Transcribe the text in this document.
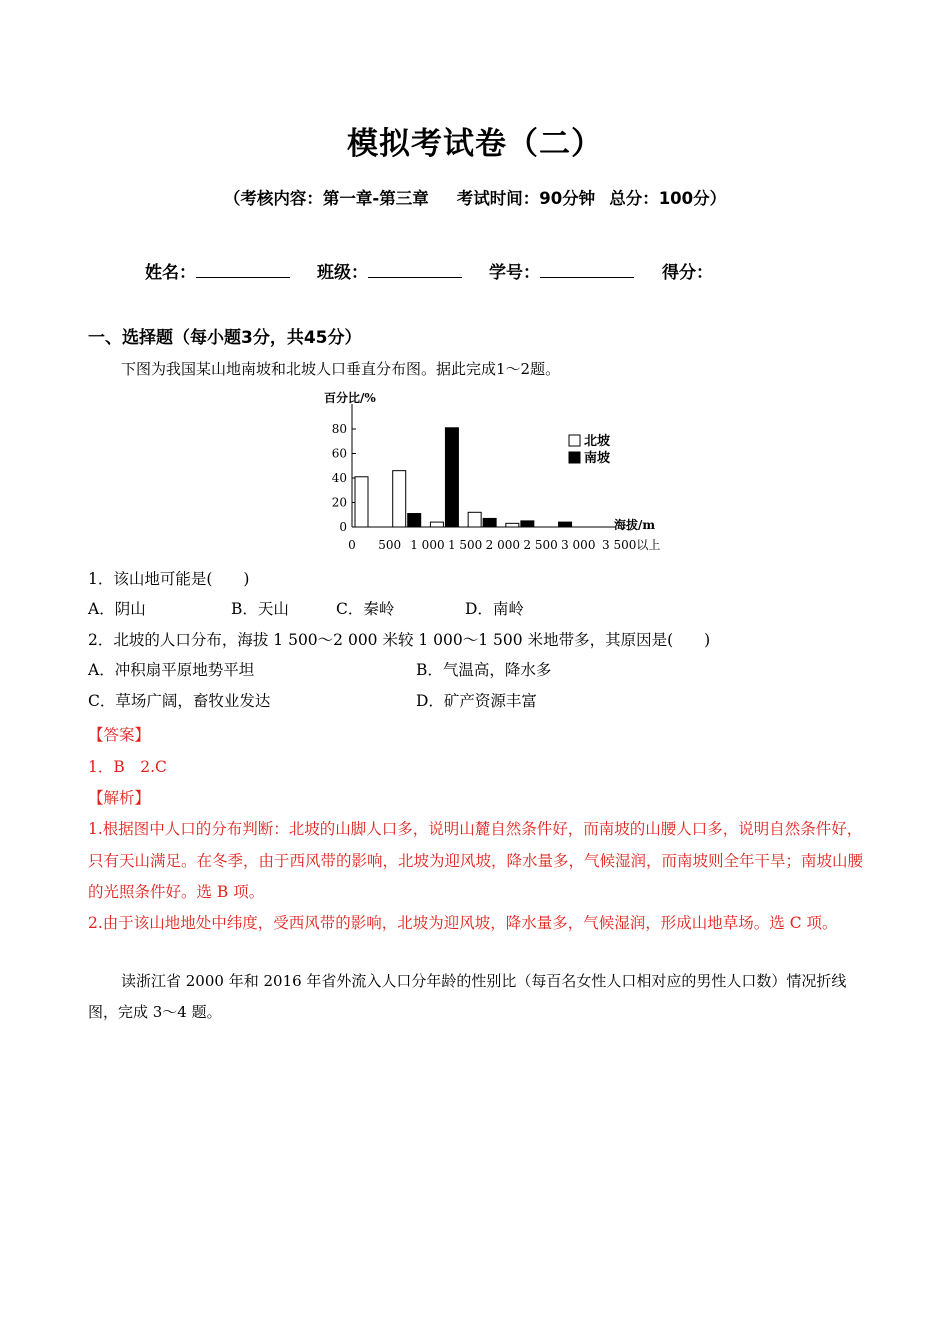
模拟考试卷（二）
（考核内容：第一章-第三章 考试时间：90分钟 总分：100分）
姓名：	班级：	学号：	得分：
一、选择题（每小题3分，共45分）
下图为我国某山地南坡和北坡人口垂直分布图。据此完成1～2题。
0
20
40
60
80
百分比/%
海拔/m
0 500 1 000 1 500 2 000 2 500 3 000 3 500以上
北坡
南坡
1．该山地可能是(　　)
A．阴山	B．天山	C．秦岭	D．南岭
2．北坡的人口分布，海拔 1 500～2 000 米较 1 000～1 500 米地带多，其原因是(　　)
A．冲积扇平原地势平坦	B．气温高，降水多
C．草场广阔，畜牧业发达	D．矿产资源丰富
【答案】
1．B　2.C
【解析】
1.根据图中人口的分布判断：北坡的山脚人口多，说明山麓自然条件好，而南坡的山腰人口多，说明自然条件好，只有天山满足。在冬季，由于西风带的影响，北坡为迎风坡，降水量多，气候湿润，而南坡则全年干旱；南坡山腰的光照条件好。选 B 项。
2.由于该山地地处中纬度，受西风带的影响，北坡为迎风坡，降水量多，气候湿润，形成山地草场。选 C 项。
读浙江省 2000 年和 2016 年省外流入人口分年龄的性别比（每百名女性人口相对应的男性人口数）情况折线图，完成 3～4 题。
